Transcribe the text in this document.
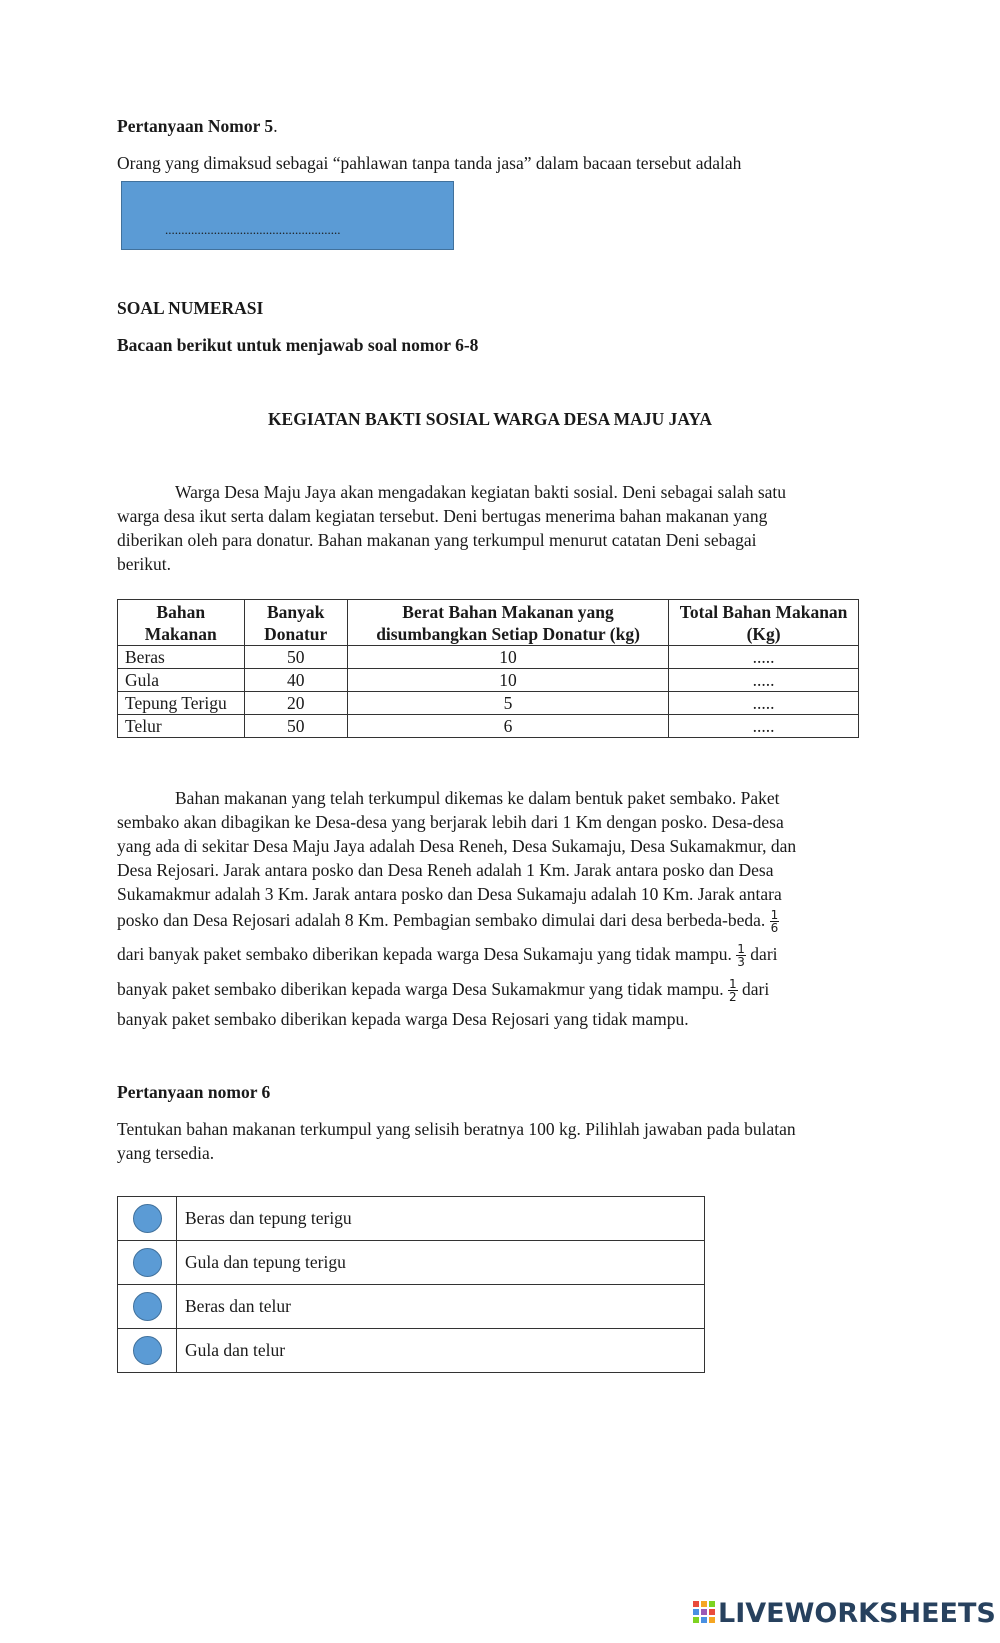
Pertanyaan Nomor 5.
Orang yang dimaksud sebagai “pahlawan tanpa tanda jasa” dalam bacaan tersebut adalah
......................................................
SOAL NUMERASI
Bacaan berikut untuk menjawab soal nomor 6-8
KEGIATAN BAKTI SOSIAL WARGA DESA MAJU JAYA
Warga Desa Maju Jaya akan mengadakan kegiatan bakti sosial. Deni sebagai salah satu
warga desa ikut serta dalam kegiatan tersebut. Deni bertugas menerima bahan makanan yang
diberikan oleh para donatur. Bahan makanan yang terkumpul menurut catatan Deni sebagai
berikut.
Bahan Makanan	Banyak Donatur	Berat Bahan Makanan yang disumbangkan Setiap Donatur (kg)	Total Bahan Makanan (Kg)
Beras	50	10	.....
Gula	40	10	.....
Tepung Terigu	20	5	.....
Telur	50	6	.....
Bahan makanan yang telah terkumpul dikemas ke dalam bentuk paket sembako. Paket
sembako akan dibagikan ke Desa-desa yang berjarak lebih dari 1 Km dengan posko. Desa-desa
yang ada di sekitar Desa Maju Jaya adalah Desa Reneh, Desa Sukamaju, Desa Sukamakmur, dan
Desa Rejosari. Jarak antara posko dan Desa Reneh adalah 1 Km. Jarak antara posko dan Desa
Sukamakmur adalah 3 Km. Jarak antara posko dan Desa Sukamaju adalah 10 Km. Jarak antara
posko dan Desa Rejosari adalah 8 Km. Pembagian sembako dimulai dari desa berbeda-beda. $\frac{1}{6}$
dari banyak paket sembako diberikan kepada warga Desa Sukamaju yang tidak mampu. $\frac{1}{3}$ dari
banyak paket sembako diberikan kepada warga Desa Sukamakmur yang tidak mampu. $\frac{1}{2}$ dari
banyak paket sembako diberikan kepada warga Desa Rejosari yang tidak mampu.
Pertanyaan nomor 6
Tentukan bahan makanan terkumpul yang selisih beratnya 100 kg. Pilihlah jawaban pada bulatan
yang tersedia.
	Beras dan tepung terigu
	Gula dan tepung terigu
	Beras dan telur
	Gula dan telur
LIVEWORKSHEETS
